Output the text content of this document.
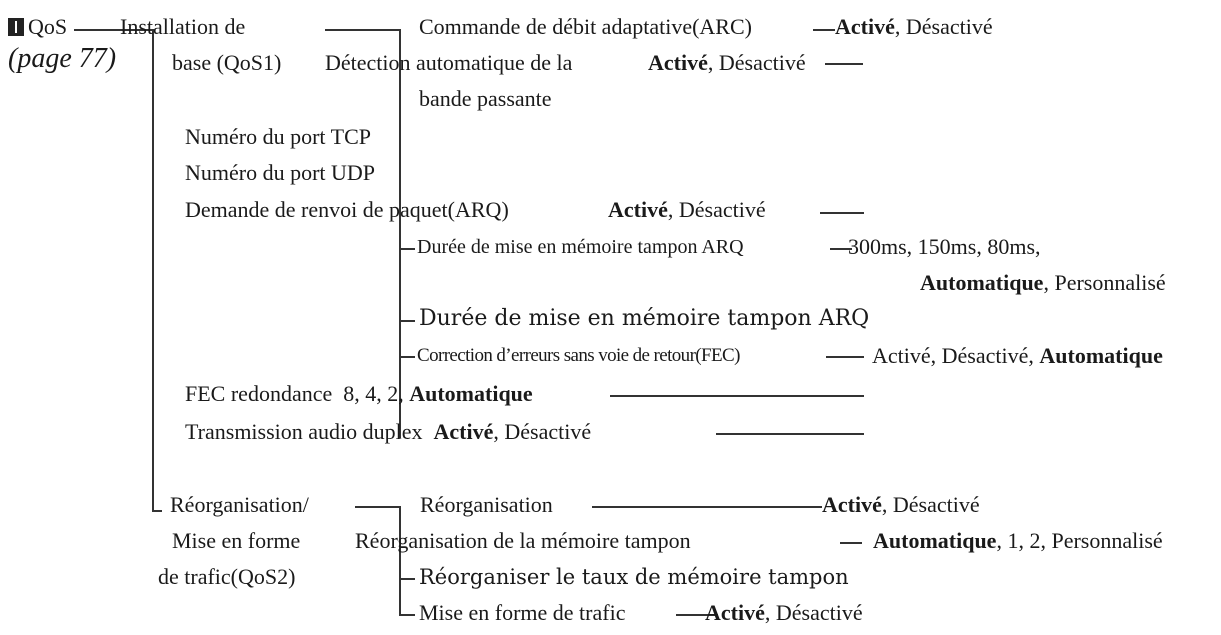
QoS
(page 77)
Installation de
base (QoS1)
Commande de débit adaptative(ARC)	Activé, Désactivé
Détection automatique de la	Activé, Désactivé
bande passante
Numéro du port TCP
Numéro du port UDP
Demande de renvoi de paquet(ARQ)	Activé, Désactivé
Durée de mise en mémoire tampon ARQ	300ms, 150ms, 80ms,
Automatique, Personnalisé
Durée de mise en mémoire tampon ARQ
Correction d’erreurs sans voie de retour(FEC)	Activé, Désactivé, Automatique
FEC redondance 8, 4, 2, Automatique
Transmission audio duplex Activé, Désactivé
Réorganisation/
Mise en forme
de trafic(QoS2)
Réorganisation	Activé, Désactivé
Réorganisation de la mémoire tampon	Automatique, 1, 2, Personnalisé
Réorganiser le taux de mémoire tampon
Mise en forme de trafic	Activé, Désactivé
